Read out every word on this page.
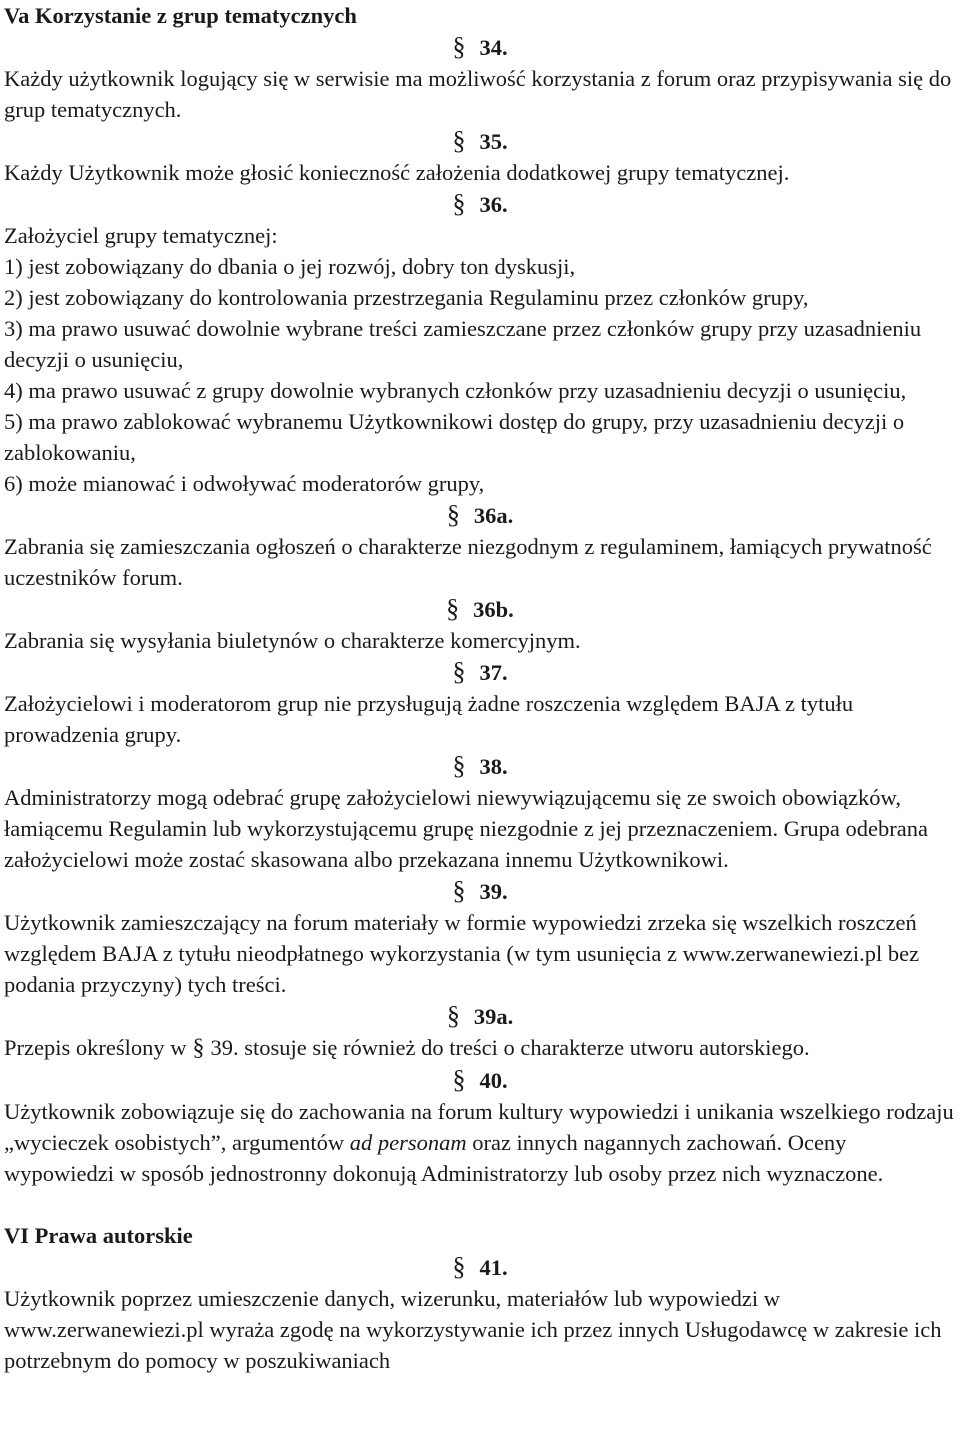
Va Korzystanie z grup tematycznych
§ 34.
Każdy użytkownik logujący się w serwisie ma możliwość korzystania z forum oraz przypisywania się do grup tematycznych.
§ 35.
Każdy Użytkownik może głosić konieczność założenia dodatkowej grupy tematycznej.
§ 36.
Założyciel grupy tematycznej:
1) jest zobowiązany do dbania o jej rozwój, dobry ton dyskusji,
2) jest zobowiązany do kontrolowania przestrzegania Regulaminu przez członków grupy,
3) ma prawo usuwać dowolnie wybrane treści zamieszczane przez członków grupy przy uzasadnieniu decyzji o usunięciu,
4) ma prawo usuwać z grupy dowolnie wybranych członków przy uzasadnieniu decyzji o usunięciu,
5) ma prawo zablokować wybranemu Użytkownikowi dostęp do grupy, przy uzasadnieniu decyzji o zablokowaniu,
6) może mianować i odwoływać moderatorów grupy,
§ 36a.
Zabrania się zamieszczania ogłoszeń o charakterze niezgodnym z regulaminem, łamiących prywatność uczestników forum.
§ 36b.
Zabrania się wysyłania biuletynów o charakterze komercyjnym.
§ 37.
Założycielowi i moderatorom grup nie przysługują żadne roszczenia względem BAJA z tytułu prowadzenia grupy.
§ 38.
Administratorzy mogą odebrać grupę założycielowi niewywiązującemu się ze swoich obowiązków, łamiącemu Regulamin lub wykorzystującemu grupę niezgodnie z jej przeznaczeniem. Grupa odebrana założycielowi może zostać skasowana albo przekazana innemu Użytkownikowi.
§ 39.
Użytkownik zamieszczający na forum materiały w formie wypowiedzi zrzeka się wszelkich roszczeń względem BAJA z tytułu nieodpłatnego wykorzystania (w tym usunięcia z www.zerwanewiezi.pl bez podania przyczyny) tych treści.
§ 39a.
Przepis określony w § 39. stosuje się również do treści o charakterze utworu autorskiego.
§ 40.
Użytkownik zobowiązuje się do zachowania na forum kultury wypowiedzi i unikania wszelkiego rodzaju „wycieczek osobistych”, argumentów ad personam oraz innych nagannych zachowań. Oceny wypowiedzi w sposób jednostronny dokonują Administratorzy lub osoby przez nich wyznaczone.
VI Prawa autorskie
§ 41.
Użytkownik poprzez umieszczenie danych, wizerunku, materiałów lub wypowiedzi w www.zerwanewiezi.pl wyraża zgodę na wykorzystywanie ich przez innych Usługodawcę w zakresie ich potrzebnym do pomocy w poszukiwaniach
